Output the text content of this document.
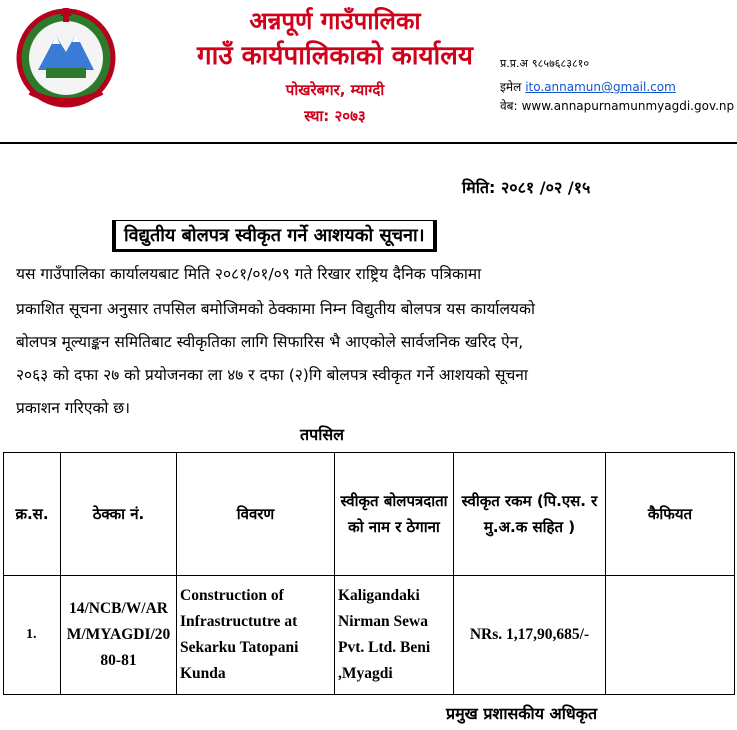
अन्नपूर्ण गाउँपालिका
गाउँ कार्यपालिकाको कार्यालय
पोखरेबगर, म्याग्दी
स्था: २०७३
प्र.प्र.अ ९८५७६८३८१०
इमेल ito.annamun@gmail.com
वेब: www.annapurnamunmyagdi.gov.np
मिति: २०८१ /०२ /१५
विद्युतीय बोलपत्र स्वीकृत गर्ने आशयको सूचना।
यस गाउँपालिका कार्यालयबाट मिति २०८१/०१/०९ गते रिखार राष्ट्रिय दैनिक पत्रिकामा
प्रकाशित सूचना अनुसार तपसिल बमोजिमको ठेक्कामा निम्न विद्युतीय बोलपत्र यस कार्यालयको
बोलपत्र मूल्याङ्कन समितिबाट स्वीकृतिका लागि सिफारिस भै आएकोले सार्वजनिक खरिद ऐन,
२०६३ को दफा २७ को प्रयोजनका ला ४७ र दफा (२)गि बोलपत्र स्वीकृत गर्ने आशयको सूचना
प्रकाशन गरिएको छ।
तपसिल
क्र.स.	ठेक्का नं.	विवरण	स्वीकृत बोलपत्रदाता को नाम र ठेगाना	स्वीकृत रकम (पि.एस. र मु.अ.क सहित )	कैफियत
1.	14/NCB/W/ARM/MYAGDI/2080-81	Construction of Infrastructutre at Sekarku Tatopani Kunda	Kaligandaki Nirman Sewa Pvt. Ltd. Beni ,Myagdi	NRs. 1,17,90,685/-	
प्रमुख प्रशासकीय अधिकृत
